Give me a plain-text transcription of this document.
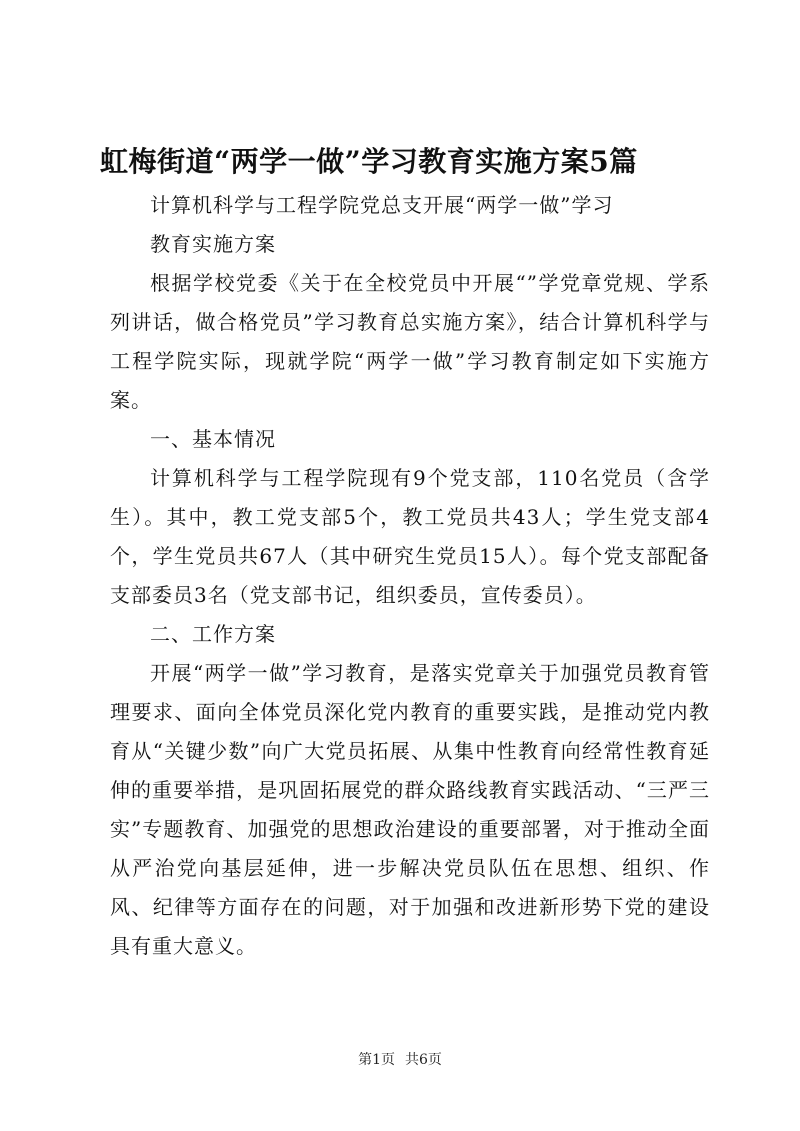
虹梅街道“两学一做”学习教育实施方案5篇

计算机科学与工程学院党总支开展“两学一做”学习

教育实施方案

根据学校党委《关于在全校党员中开展“”学党章党规、学系列讲话，做合格党员”学习教育总实施方案》，结合计算机科学与工程学院实际，现就学院“两学一做”学习教育制定如下实施方案。

一、基本情况

计算机科学与工程学院现有9个党支部，110名党员（含学生）。其中，教工党支部5个，教工党员共43人；学生党支部4个，学生党员共67人（其中研究生党员15人）。每个党支部配备支部委员3名（党支部书记，组织委员，宣传委员）。

二、工作方案

开展“两学一做”学习教育，是落实党章关于加强党员教育管理要求、面向全体党员深化党内教育的重要实践，是推动党内教育从“关键少数”向广大党员拓展、从集中性教育向经常性教育延伸的重要举措，是巩固拓展党的群众路线教育实践活动、“三严三实”专题教育、加强党的思想政治建设的重要部署，对于推动全面从严治党向基层延伸，进一步解决党员队伍在思想、组织、作风、纪律等方面存在的问题，对于加强和改进新形势下党的建设具有重大意义。

第1页 共6页
